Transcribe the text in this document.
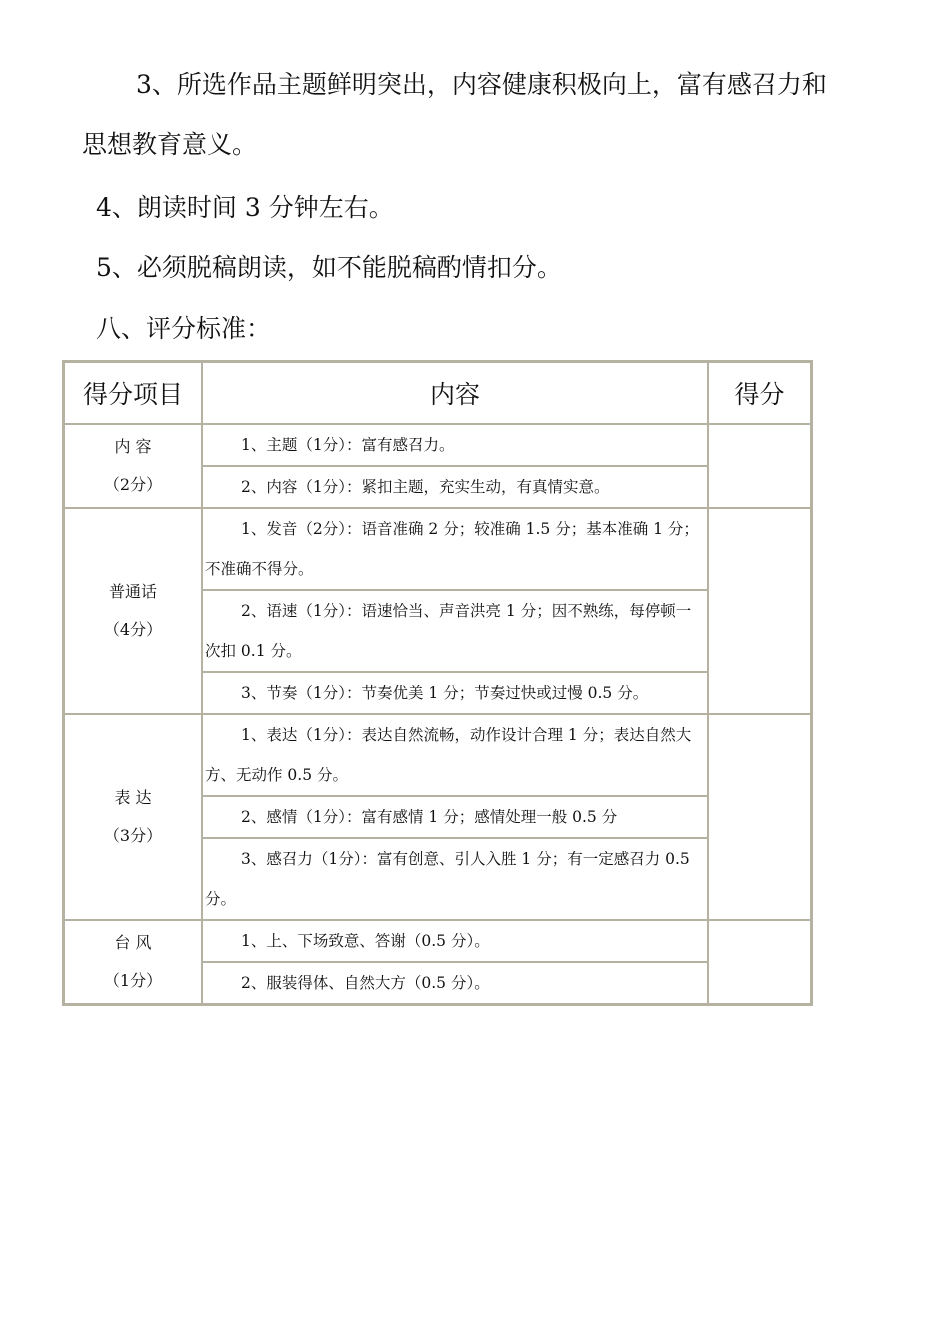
3、所选作品主题鲜明突出，内容健康积极向上，富有感召力和
思想教育意义。
4、朗读时间 3 分钟左右。
5、必须脱稿朗读，如不能脱稿酌情扣分。
八、评分标准：
得分项目	内容	得分

内 容
（2分）	1、主题（1分）：富有感召力。	

	2、内容（1分）：紧扣主题，充实生动，有真情实意。	

普通话
（4分）	1、发音（2分）：语音准确 2 分；较准确 1.5 分；基本准确 1 分；不准确不得分。	

	2、语速（1分）：语速恰当、声音洪亮 1 分；因不熟练，每停顿一次扣 0.1 分。	

	3、节奏（1分）：节奏优美 1 分；节奏过快或过慢 0.5 分。	

表 达
（3分）	1、表达（1分）：表达自然流畅，动作设计合理 1 分；表达自然大方、无动作 0.5 分。	

	2、感情（1分）：富有感情 1 分；感情处理一般 0.5 分	

	3、感召力（1分）：富有创意、引人入胜 1 分；有一定感召力 0.5 分。	

台 风
（1分）	1、上、下场致意、答谢（0.5 分）。	

	2、服装得体、自然大方（0.5 分）。	
